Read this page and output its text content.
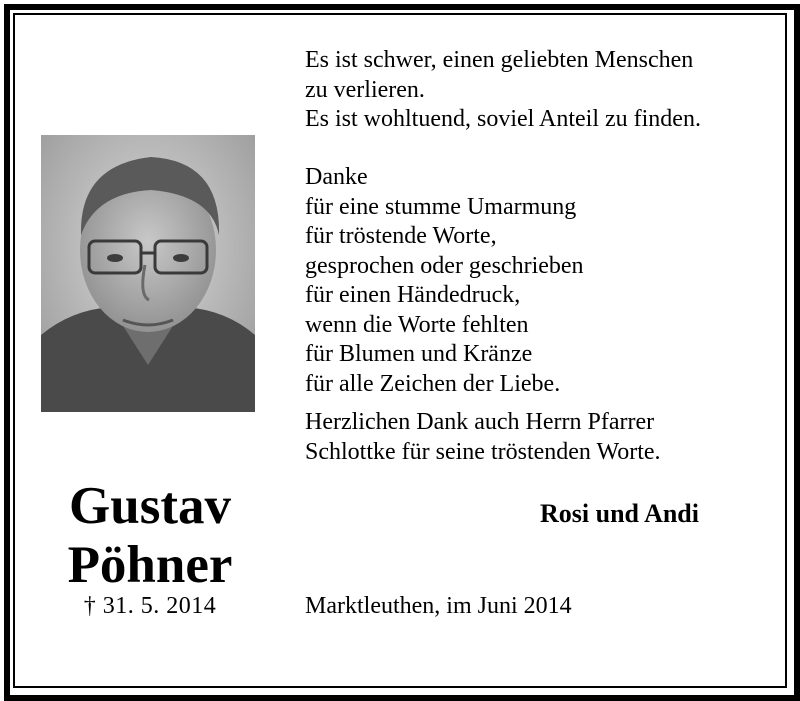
Gustav
Pöhner
† 31. 5. 2014
Es ist schwer, einen geliebten Menschen
zu verlieren.
Es ist wohltuend, soviel Anteil zu finden.
Danke
für eine stumme Umarmung
für tröstende Worte,
gesprochen oder geschrieben
für einen Händedruck,
wenn die Worte fehlten
für Blumen und Kränze
für alle Zeichen der Liebe.
Herzlichen Dank auch Herrn Pfarrer
Schlottke für seine tröstenden Worte.
Rosi und Andi
Marktleuthen, im Juni 2014
